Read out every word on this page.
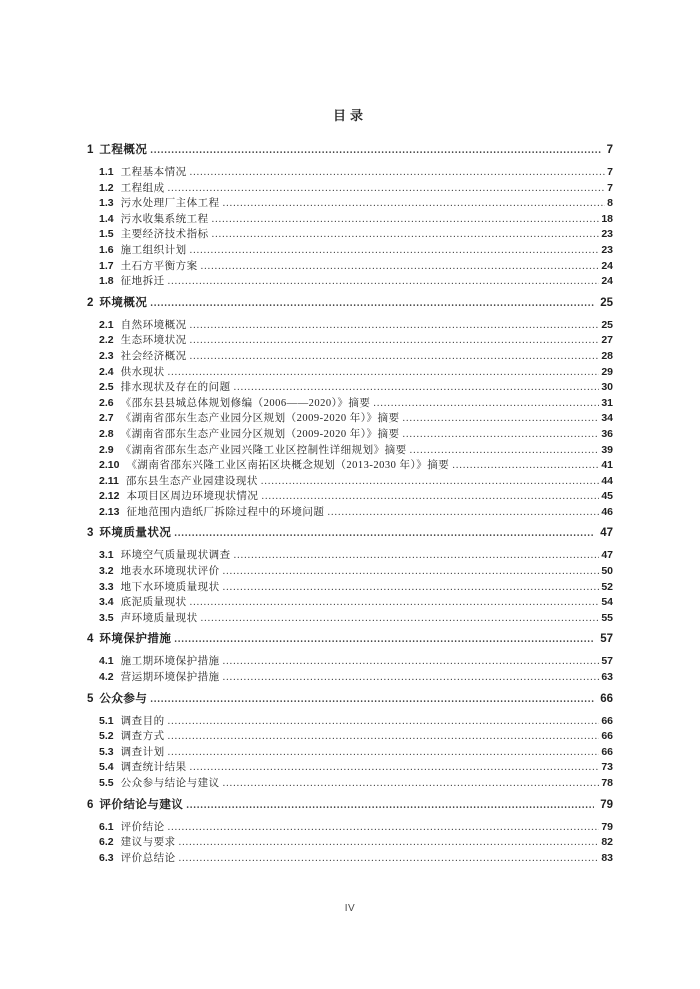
目录
1 工程概况 .....	7
1.1 工程基本情况 .....	7
1.2 工程组成 .....	7
1.3 污水处理厂主体工程 .....	8
1.4 污水收集系统工程 .....	18
1.5 主要经济技术指标 .....	23
1.6 施工组织计划 .....	23
1.7 土石方平衡方案 .....	24
1.8 征地拆迁 .....	24
2 环境概况 .....	25
2.1 自然环境概况 .....	25
2.2 生态环境状况 .....	27
2.3 社会经济概况 .....	28
2.4 供水现状 .....	29
2.5 排水现状及存在的问题 .....	30
2.6 《邵东县县城总体规划修编（2006——2020）》摘要 .....	31
2.7 《湖南省邵东生态产业园分区规划（2009-2020 年）》摘要 .....	34
2.8 《湖南省邵东生态产业园分区规划（2009-2020 年）》摘要 .....	36
2.9 《湖南省邵东生态产业园兴隆工业区控制性详细规划》摘要 .....	39
2.10 《湖南省邵东兴隆工业区南拓区块概念规划（2013-2030 年）》摘要 .....	41
2.11 邵东县生态产业园建设现状 .....	44
2.12 本项目区周边环境现状情况 .....	45
2.13 征地范围内造纸厂拆除过程中的环境问题 .....	46
3 环境质量状况 .....	47
3.1 环境空气质量现状调查 .....	47
3.2 地表水环境现状评价 .....	50
3.3 地下水环境质量现状 .....	52
3.4 底泥质量现状 .....	54
3.5 声环境质量现状 .....	55
4 环境保护措施 .....	57
4.1 施工期环境保护措施 .....	57
4.2 营运期环境保护措施 .....	63
5 公众参与 .....	66
5.1 调查目的 .....	66
5.2 调查方式 .....	66
5.3 调查计划 .....	66
5.4 调查统计结果 .....	73
5.5 公众参与结论与建议 .....	78
6 评价结论与建议 .....	79
6.1 评价结论 .....	79
6.2 建议与要求 .....	82
6.3 评价总结论 .....	83
IV
